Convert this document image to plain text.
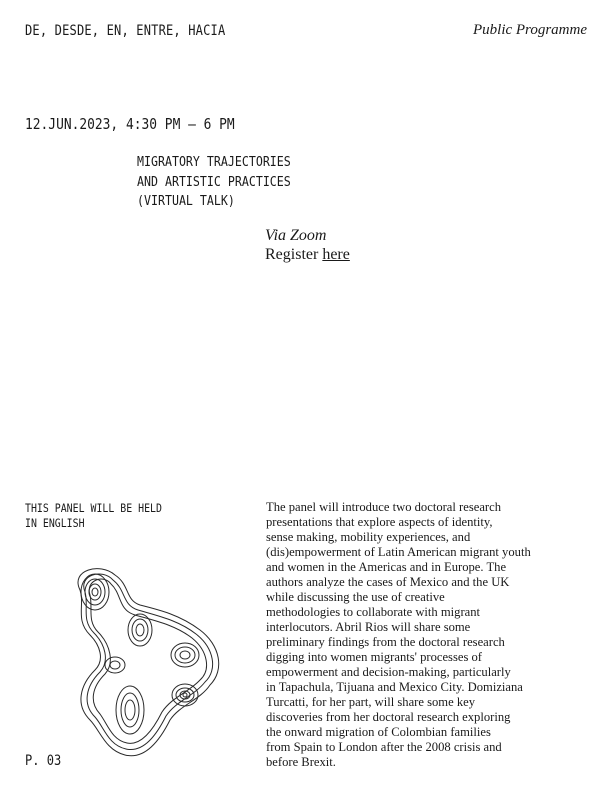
DE, DESDE, EN, ENTRE, HACIA	Public Programme
12.JUN.2023, 4:30 PM – 6 PM
MIGRATORY TRAJECTORIES
AND ARTISTIC PRACTICES
(VIRTUAL TALK)
Via Zoom
Register here
THIS PANEL WILL BE HELD
IN ENGLISH
The panel will introduce two doctoral research
presentations that explore aspects of identity,
sense making, mobility experiences, and
(dis)empowerment of Latin American migrant youth
and women in the Americas and in Europe. The
authors analyze the cases of Mexico and the UK
while discussing the use of creative
methodologies to collaborate with migrant
interlocutors. Abril Rios will share some
preliminary findings from the doctoral research
digging into women migrants' processes of
empowerment and decision-making, particularly
in Tapachula, Tijuana and Mexico City. Domiziana
Turcatti, for her part, will share some key
discoveries from her doctoral research exploring
the onward migration of Colombian families
from Spain to London after the 2008 crisis and
before Brexit.
P. 03
